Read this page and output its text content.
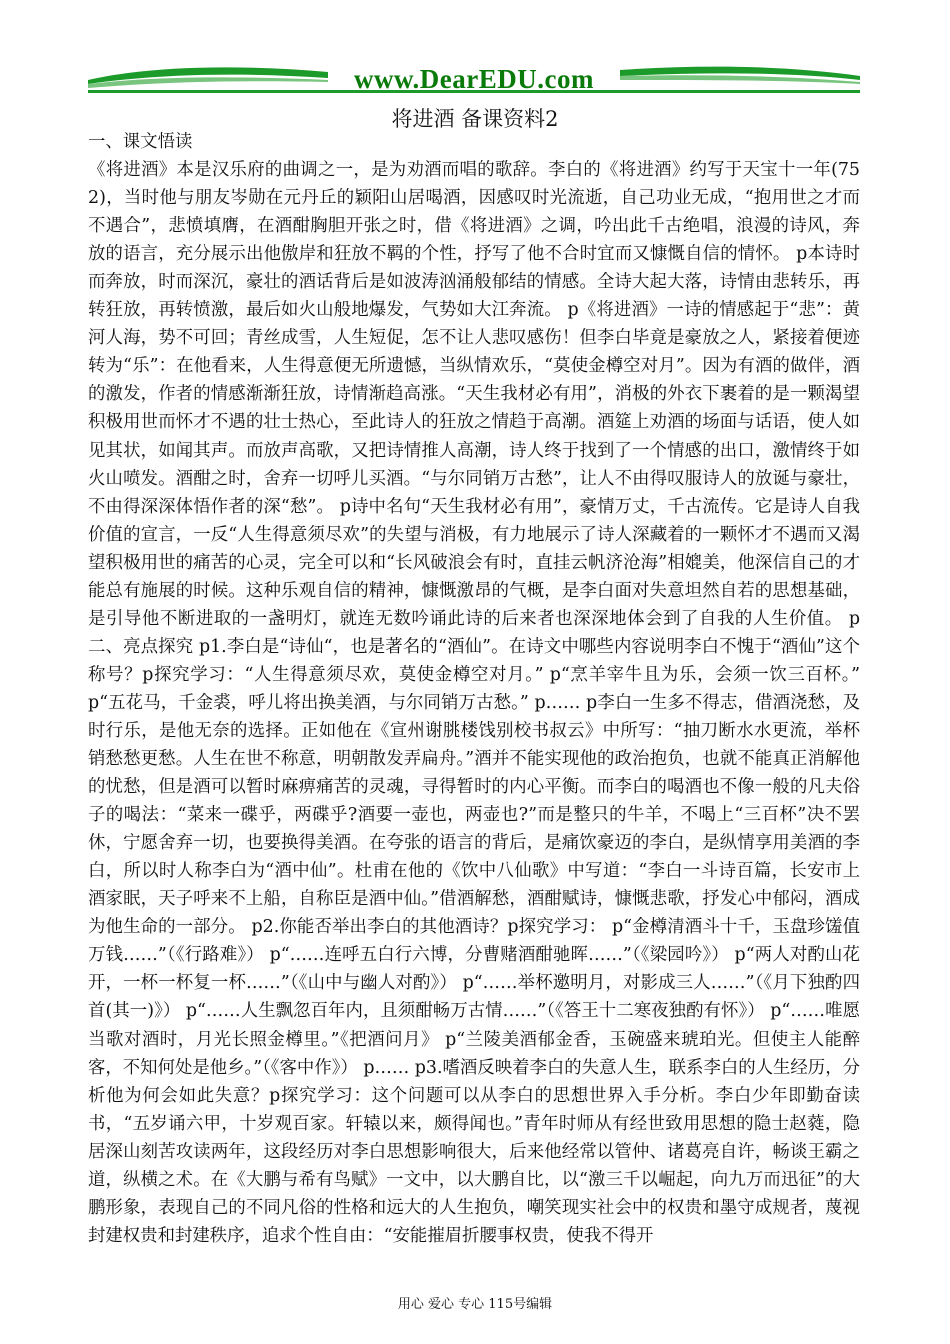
www.DearEDU.com
将进酒 备课资料2
一、课文悟读
《将进酒》本是汉乐府的曲调之一，是为劝酒而唱的歌辞。李白的《将进酒》约写于天宝十一年(752)，当时他与朋友岑勋在元丹丘的颖阳山居喝酒，因感叹时光流逝，自己功业无成，“抱用世之才而不遇合”，悲愤填膺，在酒酣胸胆开张之时，借《将进酒》之调，吟出此千古绝唱，浪漫的诗风，奔放的语言，充分展示出他傲岸和狂放不羁的个性，抒写了他不合时宜而又慷慨自信的情怀。 p本诗时而奔放，时而深沉，豪壮的酒话背后是如波涛汹涌般郁结的情感。全诗大起大落，诗情由悲转乐，再转狂放，再转愤激，最后如火山般地爆发，气势如大江奔流。 p《将进酒》一诗的情感起于“悲”：黄河人海，势不可回；青丝成雪，人生短促，怎不让人悲叹感伤！但李白毕竟是豪放之人，紧接着便迹转为“乐”：在他看来，人生得意便无所遗憾，当纵情欢乐，“莫使金樽空对月”。因为有酒的做伴，酒的激发，作者的情感渐渐狂放，诗情渐趋高涨。“天生我材必有用”，消极的外衣下裹着的是一颗渴望积极用世而怀才不遇的壮士热心，至此诗人的狂放之情趋于高潮。酒筵上劝酒的场面与话语，使人如见其状，如闻其声。而放声高歌，又把诗情推人高潮，诗人终于找到了一个情感的出口，激情终于如火山喷发。酒酣之时，舍弃一切呼儿买酒。“与尔同销万古愁”，让人不由得叹服诗人的放诞与豪壮，不由得深深体悟作者的深“愁”。 p诗中名句“天生我材必有用”，豪情万丈，千古流传。它是诗人自我价值的宣言，一反“人生得意须尽欢”的失望与消极，有力地展示了诗人深藏着的一颗怀才不遇而又渴望积极用世的痛苦的心灵，完全可以和“长风破浪会有时，直挂云帆济沧海”相媲美，他深信自己的才能总有施展的时候。这种乐观自信的精神，慷慨激昂的气概，是李白面对失意坦然自若的思想基础，是引导他不断进取的一盏明灯，就连无数吟诵此诗的后来者也深深地体会到了自我的人生价值。 p二、亮点探究 p1.李白是“诗仙“，也是著名的“酒仙”。在诗文中哪些内容说明李白不愧于“酒仙”这个称号？p探究学习：“人生得意须尽欢，莫使金樽空对月。” p“烹羊宰牛且为乐，会须一饮三百杯。” p“五花马，千金裘，呼儿将出换美酒，与尔同销万古愁。” p…… p李白一生多不得志，借酒浇愁，及时行乐，是他无奈的选择。正如他在《宣州谢朓楼饯别校书叔云》中所写：“抽刀断水水更流，举杯销愁愁更愁。人生在世不称意，明朝散发弄扁舟。”酒并不能实现他的政治抱负，也就不能真正消解他的忧愁，但是酒可以暂时麻痹痛苦的灵魂，寻得暂时的内心平衡。而李白的喝酒也不像一般的凡夫俗子的喝法：“菜来一碟乎，两碟乎?酒要一壶也，两壶也?”而是整只的牛羊，不喝上“三百杯”决不罢休，宁愿舍弃一切，也要换得美酒。在夸张的语言的背后，是痛饮豪迈的李白，是纵情享用美酒的李白，所以时人称李白为“酒中仙”。杜甫在他的《饮中八仙歌》中写道：“李白一斗诗百篇，长安市上酒家眠，天子呼来不上船，自称臣是酒中仙。”借酒解愁，酒酣赋诗，慷慨悲歌，抒发心中郁闷，酒成为他生命的一部分。 p2.你能否举出李白的其他酒诗？p探究学习： p“金樽清酒斗十千，玉盘珍馐值万钱……”（《行路难》） p“……连呼五白行六博，分曹赌酒酣驰晖……”（《梁园吟》） p“两人对酌山花开，一杯一杯复一杯……”（《山中与幽人对酌》） p“……举杯邀明月，对影成三人……”（《月下独酌四首(其一)》） p“……人生飘忽百年内，且须酣畅万古情……”（《答王十二寒夜独酌有怀》） p“……唯愿当歌对酒时，月光长照金樽里。”《把酒问月》 p“兰陵美酒郁金香，玉碗盛来琥珀光。但使主人能醉客，不知何处是他乡。”（《客中作》） p…… p3.嗜酒反映着李白的失意人生，联系李白的人生经历，分析他为何会如此失意？p探究学习：这个问题可以从李白的思想世界入手分析。李白少年即勤奋读书，“五岁诵六甲，十岁观百家。轩辕以来，颇得闻也。”青年时师从有经世致用思想的隐士赵蕤，隐居深山刻苦攻读两年，这段经历对李白思想影响很大，后来他经常以管仲、诸葛亮自许，畅谈王霸之道，纵横之术。在《大鹏与希有鸟赋》一文中，以大鹏自比，以“激三千以崛起，向九万而迅征”的大鹏形象，表现自己的不同凡俗的性格和远大的人生抱负，嘲笑现实社会中的权贵和墨守成规者，蔑视封建权贵和封建秩序，追求个性自由：“安能摧眉折腰事权贵，使我不得开
用心 爱心 专心 115号编辑
